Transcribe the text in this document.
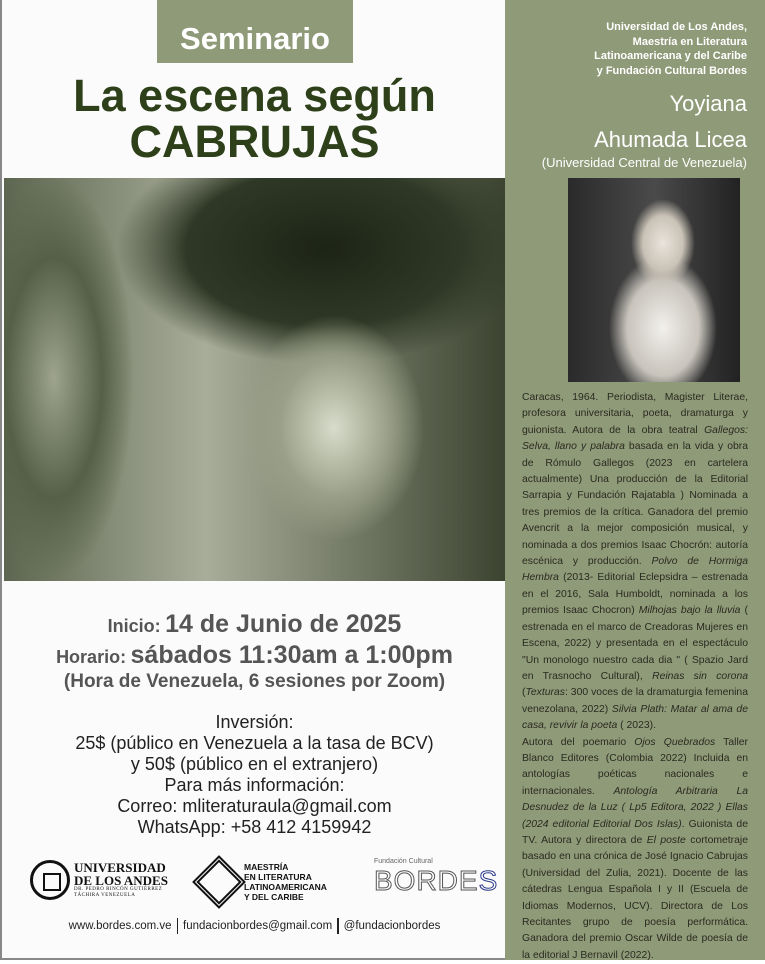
Seminario
La escena según
CABRUJAS
Inicio: 14 de Junio de 2025
Horario: sábados 11:30am a 1:00pm
(Hora de Venezuela, 6 sesiones por Zoom)
Inversión:
25$ (público en Venezuela a la tasa de BCV)
y 50$ (público en el extranjero)
Para más información:
Correo: mliteraturaula@gmail.com
WhatsApp: +58 412 4159942
UNIVERSIDAD
DE LOS ANDES
DR. PEDRO RINCÓN GUTIÉRREZ
TÁCHIRA VENEZUELA
MAESTRÍA
EN LITERATURA
LATINOAMERICANA
Y DEL CARIBE
Fundación Cultural
BORDES
www.bordes.com.ve fundacionbordes@gmail.com @fundacionbordes
Universidad de Los Andes,
Maestría en Literatura
Latinoamericana y del Caribe
y Fundación Cultural Bordes
Yoyiana
Ahumada Licea
(Universidad Central de Venezuela)

Caracas, 1964. Periodista, Magister Literae, profesora universitaria, poeta, dramaturga y guionista. Autora de la obra teatral Gallegos: Selva, llano y palabra basada en la vida y obra de Rómulo Gallegos (2023 en cartelera actualmente) Una producción de la Editorial Sarrapia y Fundación Rajatabla ) Nominada a tres premios de la crítica. Ganadora del premio Avencrit a la mejor composición musical, y nominada a dos premios Isaac Chocrón: autoría escénica y producción. Polvo de Hormiga Hembra (2013- Editorial Eclepsidra – estrenada en el 2016, Sala Humboldt, nominada a los premios Isaac Chocron) Milhojas bajo la lluvia ( estrenada en el marco de Creadoras Mujeres en Escena, 2022) y presentada en el espectáculo "Un monologo nuestro cada dia " ( Spazio Jard en Trasnocho Cultural), Reinas sin corona (Texturas: 300 voces de la dramaturgia femenina venezolana, 2022) Silvia Plath: Matar al ama de casa, revivir la poeta ( 2023).

Autora del poemario Ojos Quebrados Taller Blanco Editores (Colombia 2022) Incluida en antologías poéticas nacionales e internacionales. Antología Arbitraria La Desnudez de la Luz ( Lp5 Editora, 2022 ) Ellas (2024 editorial Editorial Dos Islas). Guionista de TV. Autora y directora de El poste cortometraje basado en una crónica de José Ignacio Cabrujas (Universidad del Zulia, 2021). Docente de las cátedras Lengua Española I y II (Escuela de Idiomas Modernos, UCV). Directora de Los Recitantes grupo de poesía performática. Ganadora del premio Oscar Wilde de poesía de la editorial J Bernavil (2022).
